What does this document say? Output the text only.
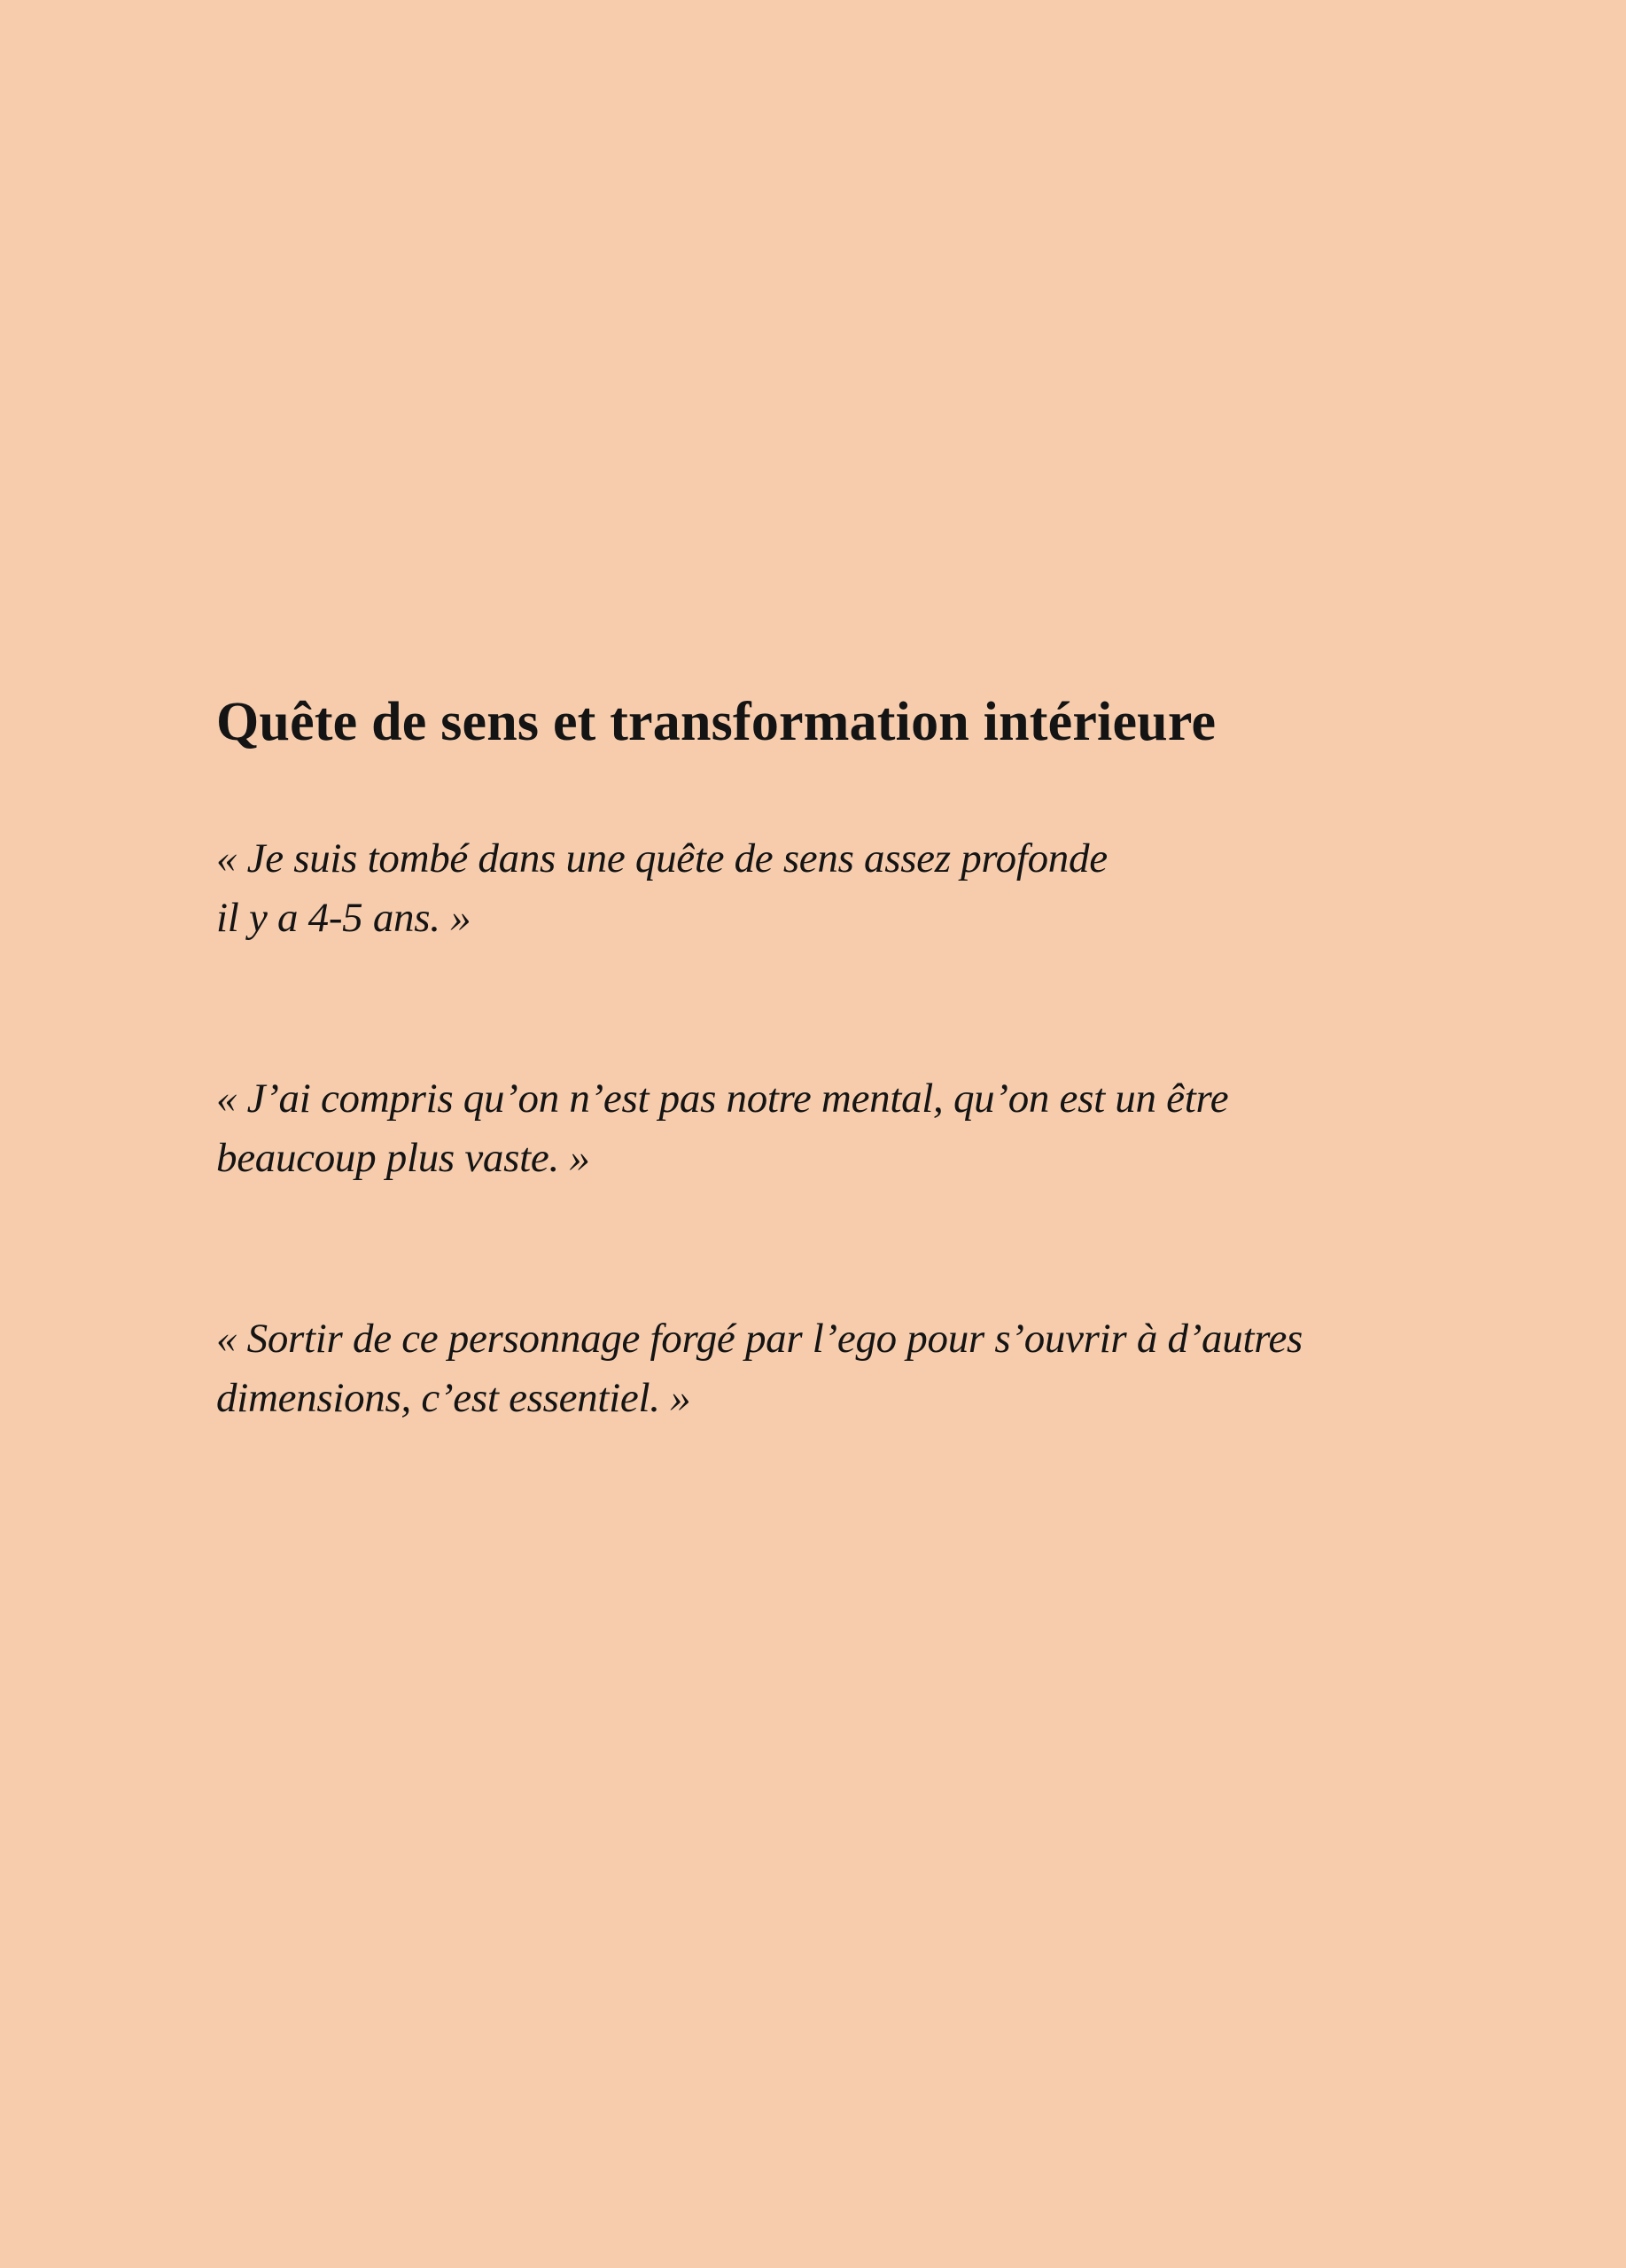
Quête de sens et transformation intérieure

« Je suis tombé dans une quête de sens assez profonde
il y a 4-5 ans. »

« J’ai compris qu’on n’est pas notre mental, qu’on est un être
beaucoup plus vaste. »

« Sortir de ce personnage forgé par l’ego pour s’ouvrir à d’autres
dimensions, c’est essentiel. »
